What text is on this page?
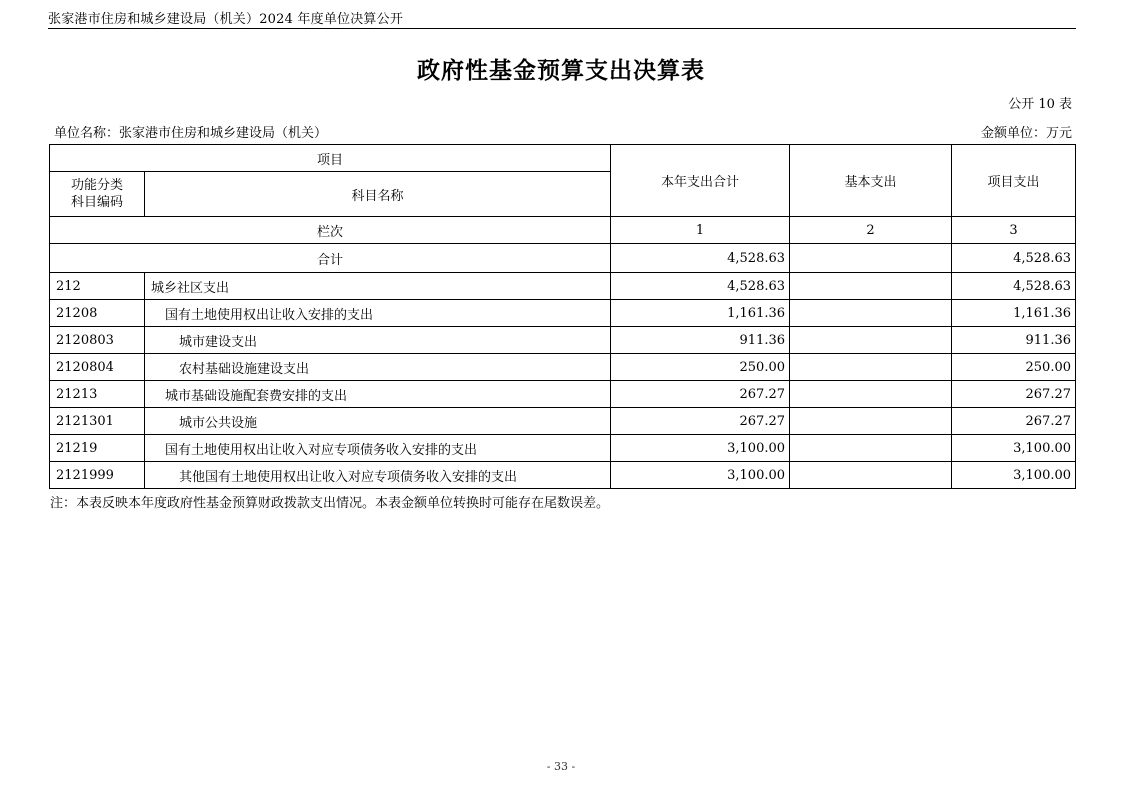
张家港市住房和城乡建设局（机关）2024 年度单位决算公开
政府性基金预算支出决算表
公开 10 表
单位名称：张家港市住房和城乡建设局（机关）	金额单位：万元
项目		本年支出合计	基本支出	项目支出

功能分类
科目编码	科目名称			
栏次		1	2	3
合计		4,528.63		4,528.63
212	城乡社区支出	4,528.63		4,528.63
21208	国有土地使用权出让收入安排的支出	1,161.36		1,161.36
2120803	城市建设支出	911.36		911.36
2120804	农村基础设施建设支出	250.00		250.00
21213	城市基础设施配套费安排的支出	267.27		267.27
2121301	城市公共设施	267.27		267.27
21219	国有土地使用权出让收入对应专项债务收入安排的支出	3,100.00		3,100.00
2121999	其他国有土地使用权出让收入对应专项债务收入安排的支出	3,100.00		3,100.00
注：本表反映本年度政府性基金预算财政拨款支出情况。本表金额单位转换时可能存在尾数误差。
- 33 -
